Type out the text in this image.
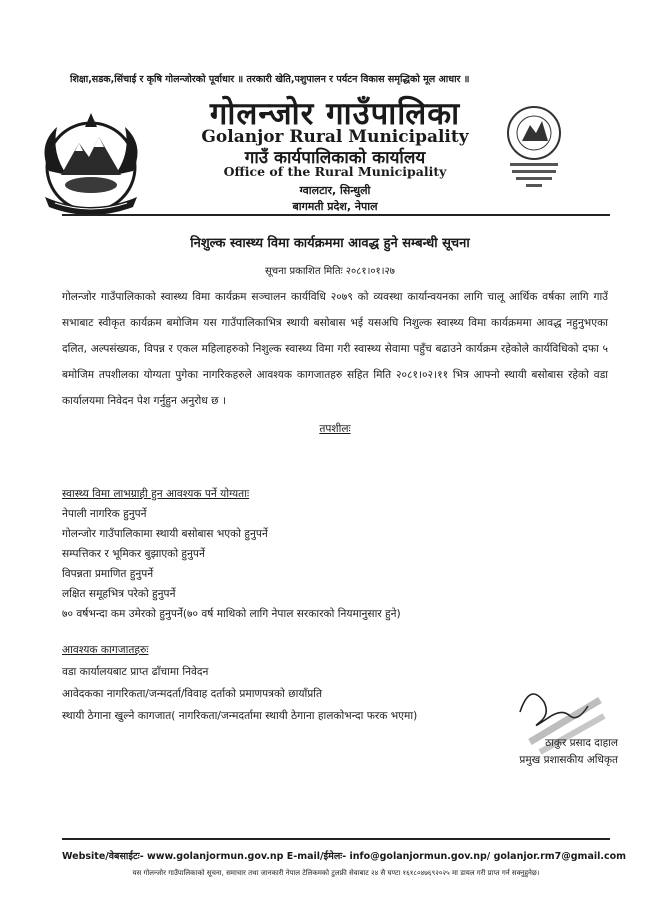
शिक्षा,सडक,सिंचाई र कृषि गोलन्जोरको पूर्वाधार ॥ तरकारी खेति,पशुपालन र पर्यटन विकास समृद्धिको मूल आधार ॥
गोलन्जोर गाउँपालिका
Golanjor Rural Municipality
गाउँ कार्यपालिकाको कार्यालय
Office of the Rural Municipality
ग्वालटार, सिन्धुली
बागमती प्रदेश, नेपाल
निशुल्क स्वास्थ्य विमा कार्यक्रममा आवद्ध हुने सम्बन्धी सूचना
सूचना प्रकाशित मितिः २०८१।०१।२७
गोलन्जोर गाउँपालिकाको स्वास्थ्य विमा कार्यक्रम सञ्चालन कार्यविधि २०७९ को व्यवस्था कार्यान्वयनका लागि चालू आर्थिक वर्षका लागि गाउँ सभाबाट स्वीकृत कार्यक्रम बमोजिम यस गाउँपालिकाभित्र स्थायी बसोबास भई यसअघि निशुल्क स्वास्थ्य विमा कार्यक्रममा आवद्ध नहुनुभएका दलित, अल्पसंख्यक, विपन्न र एकल महिलाहरुको निशुल्क स्वास्थ्य विमा गरी स्वास्थ्य सेवामा पहुँच बढाउने कार्यक्रम रहेकोले कार्यविधिको दफा ५ बमोजिम तपशीलका योग्यता पुगेका नागरिकहरुले आवश्यक कागजातहरु सहित मिति २०८१।०२।११ भित्र आफ्नो स्थायी बसोबास रहेको वडा कार्यालयमा निवेदन पेश गर्नुहुन अनुरोध छ ।
तपशीलः
स्वास्थ्य विमा लाभग्राही हुन आवश्यक पर्ने योग्यताः
नेपाली नागरिक हुनुपर्ने
गोलन्जोर गाउँपालिकामा स्थायी बसोबास भएको हुनुपर्ने
सम्पत्तिकर र भूमिकर बुझाएको हुनुपर्ने
विपन्नता प्रमाणित हुनुपर्ने
लक्षित समूहभित्र परेको हुनुपर्ने
७० वर्षभन्दा कम उमेरको हुनुपर्ने(७० वर्ष माथिको लागि नेपाल सरकारको नियमानुसार हुने)
आवश्यक कागजातहरुः
वडा कार्यालयबाट प्राप्त ढाँचामा निवेदन
आवेदकका नागरिकता/जन्मदर्ता/विवाह दर्ताको प्रमाणपत्रको छायाँप्रति
स्थायी ठेगाना खुल्ने कागजात( नागरिकता/जन्मदर्तामा स्थायी ठेगाना हालकोभन्दा फरक भएमा)
ठाकुर प्रसाद दाहाल
प्रमुख प्रशासकीय अधिकृत
Website/वेबसाईटः- www.golanjormun.gov.np E-mail/ईमेलः- info@golanjormun.gov.np/ golanjor.rm7@gmail.com
यस गोलन्जोर गाउँपालिकाको सूचना, समाचार तथा जानकारी नेपाल टेलिकमको टुलफ्री सेवाबाट २४ सै घण्टा १६१८०४७६९२०२५ मा डायल गरी प्राप्त गर्न सक्नुहुनेछ।
